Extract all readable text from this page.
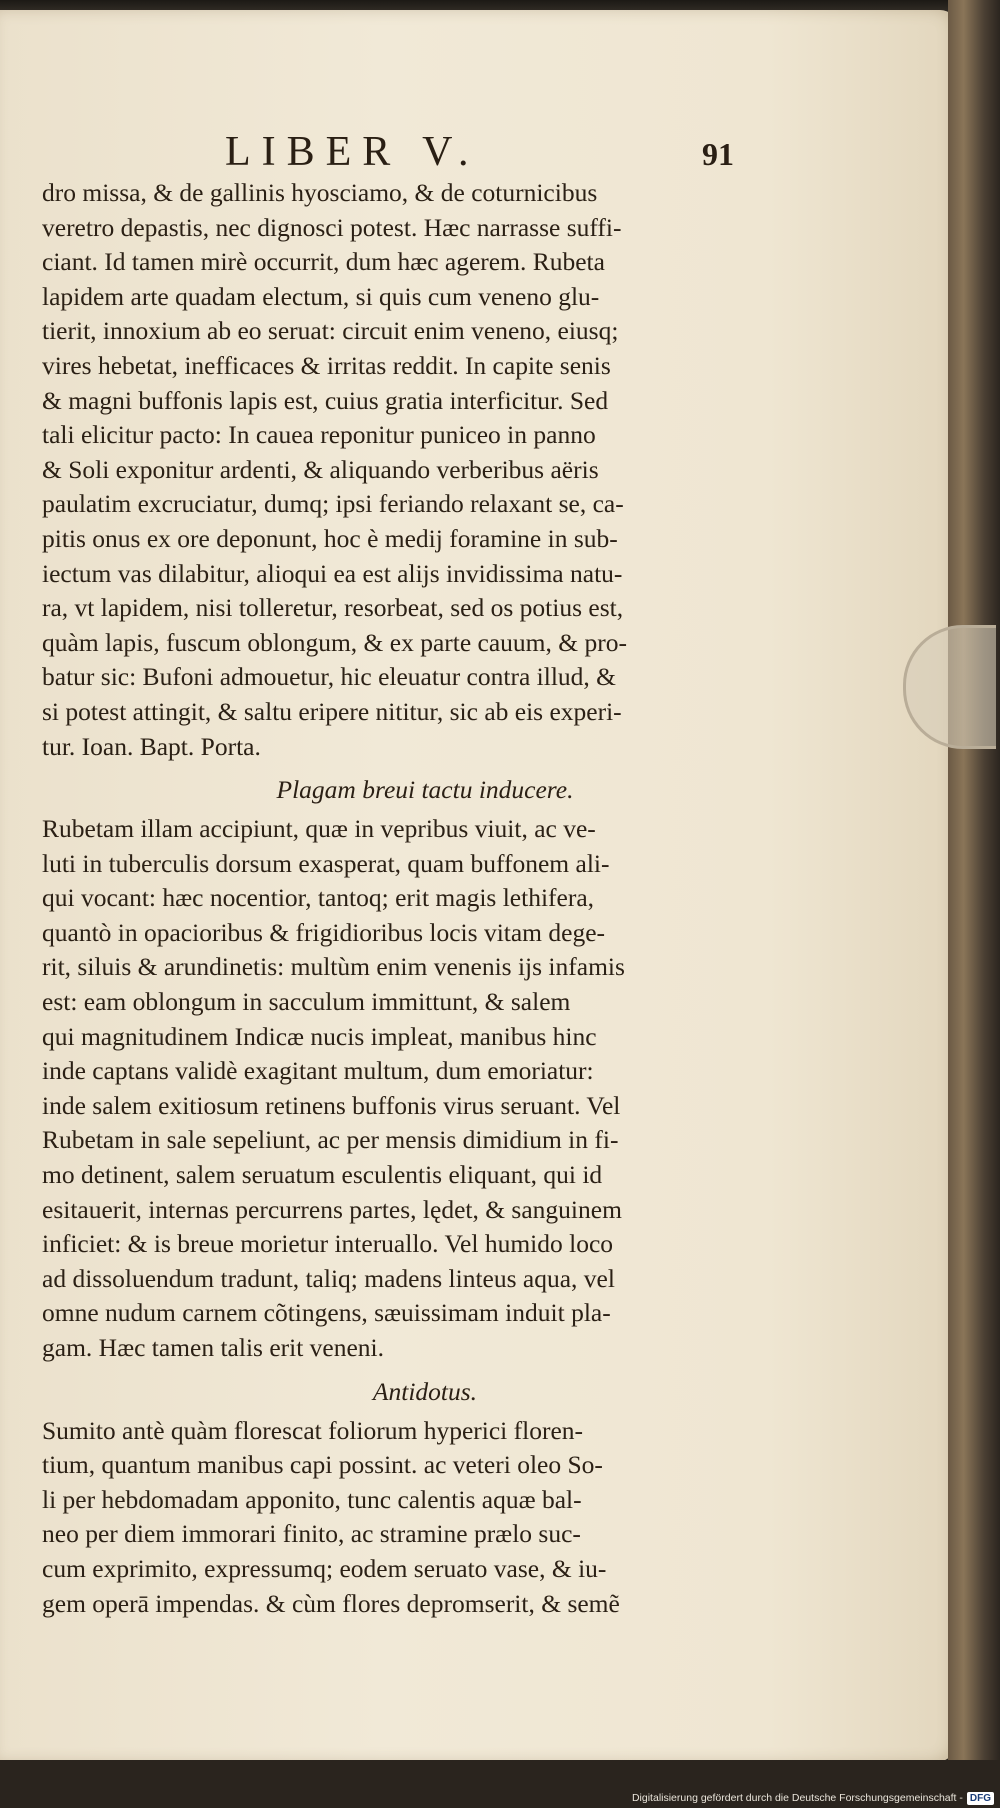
LIBER V.	91
dro missa, & de gallinis hyosciamo, & de coturnicibus
veretro depastis, nec dignosci potest. Hæc narrasse suffi-
ciant. Id tamen mirè occurrit, dum hæc agerem. Rubeta
lapidem arte quadam electum, si quis cum veneno glu-
tierit, innoxium ab eo seruat: circuit enim veneno, eiusq;
vires hebetat, inefficaces & irritas reddit. In capite senis
& magni buffonis lapis est, cuius gratia interficitur. Sed
tali elicitur pacto: In cauea reponitur puniceo in panno
& Soli exponitur ardenti, & aliquando verberibus aëris
paulatim excruciatur, dumq; ipsi feriando relaxant se, ca-
pitis onus ex ore deponunt, hoc è medij foramine in sub-
iectum vas dilabitur, alioqui ea est alijs invidissima natu-
ra, vt lapidem, nisi tolleretur, resorbeat, sed os potius est,
quàm lapis, fuscum oblongum, & ex parte cauum, & pro-
batur sic: Bufoni admouetur, hic eleuatur contra illud, &
si potest attingit, & saltu eripere nititur, sic ab eis experi-
tur. Ioan. Bapt. Porta.
Plagam breui tactu inducere.
Rubetam illam accipiunt, quæ in vepribus viuit, ac ve-
luti in tuberculis dorsum exasperat, quam buffonem ali-
qui vocant: hæc nocentior, tantoq; erit magis lethifera,
quantò in opacioribus & frigidioribus locis vitam dege-
rit, siluis & arundinetis: multùm enim venenis ijs infamis
est: eam oblongum in sacculum immittunt, & salem
qui magnitudinem Indicæ nucis impleat, manibus hinc
inde captans validè exagitant multum, dum emoriatur:
inde salem exitiosum retinens buffonis virus seruant. Vel
Rubetam in sale sepeliunt, ac per mensis dimidium in fi-
mo detinent, salem seruatum esculentis eliquant, qui id
esitauerit, internas percurrens partes, lędet, & sanguinem
inficiet: & is breue morietur interuallo. Vel humido loco
ad dissoluendum tradunt, taliq; madens linteus aqua, vel
omne nudum carnem cõtingens, sæuissimam induit pla-
gam. Hæc tamen talis erit veneni.
Antidotus.
Sumito antè quàm florescat foliorum hyperici floren-
tium, quantum manibus capi possint. ac veteri oleo So-
li per hebdomadam apponito, tunc calentis aquæ bal-
neo per diem immorari finito, ac stramine prælo suc-
cum exprimito, expressumq; eodem seruato vase, & iu-
gem operā impendas. & cùm flores depromserit, & semẽ
Digitalisierung gefördert durch die Deutsche Forschungsgemeinschaft - DFG
